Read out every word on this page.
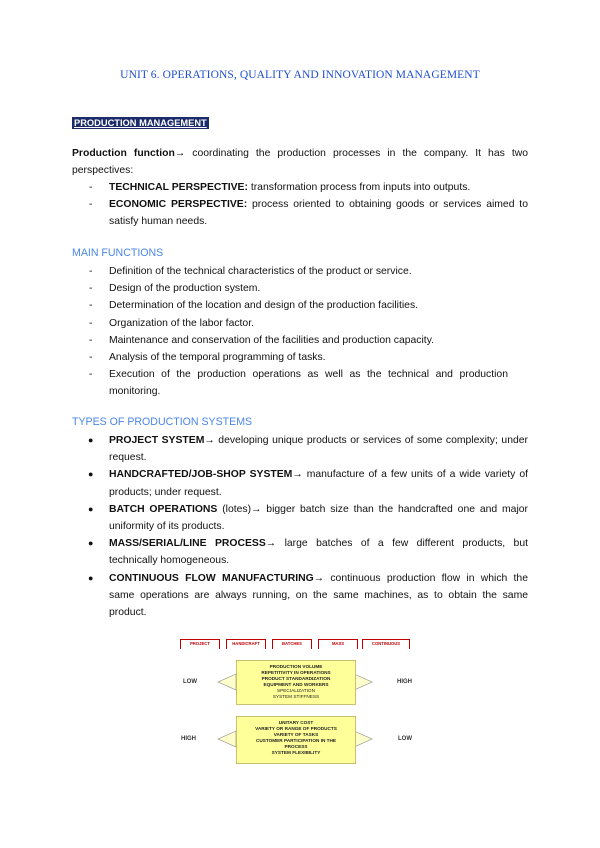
UNIT 6. OPERATIONS, QUALITY AND INNOVATION MANAGEMENT
PRODUCTION MANAGEMENT
Production function→ coordinating the production processes in the company. It has two perspectives:
- TECHNICAL PERSPECTIVE: transformation process from inputs into outputs.
- ECONOMIC PERSPECTIVE: process oriented to obtaining goods or services aimed to satisfy human needs.
MAIN FUNCTIONS
- Definition of the technical characteristics of the product or service.
- Design of the production system.
- Determination of the location and design of the production facilities.
- Organization of the labor factor.
- Maintenance and conservation of the facilities and production capacity.
- Analysis of the temporal programming of tasks.
- Execution of the production operations as well as the technical and production monitoring.
TYPES OF PRODUCTION SYSTEMS
● PROJECT SYSTEM→ developing unique products or services of some complexity; under request.
● HANDCRAFTED/JOB-SHOP SYSTEM→ manufacture of a few units of a wide variety of products; under request.
● BATCH OPERATIONS (lotes)→ bigger batch size than the handcrafted one and major uniformity of its products.
● MASS/SERIAL/LINE PROCESS→ large batches of a few different products, but technically homogeneous.
● CONTINUOUS FLOW MANUFACTURING→ continuous production flow in which the same operations are always running, on the same machines, as to obtain the same product.
PROJECT	HANDICRAFT	BATCHES	MASS	CONTINUOUS
PRODUCTION VOLUME
REPETITIVITY IN OPERATIONS
PRODUCT STANDARDIZATION
EQUIPMENT AND WORKERS
SPECIALIZATION
SYSTEM STIFFNESS
LOW	HIGH
UNITARY COST
VARIETY OR RANGE OF PRODUCTS
VARIETY OF TASKS
CUSTOMER PARTICIPATION IN THE
PROCESS
SYSTEM FLEXIBILITY
HIGH	LOW
